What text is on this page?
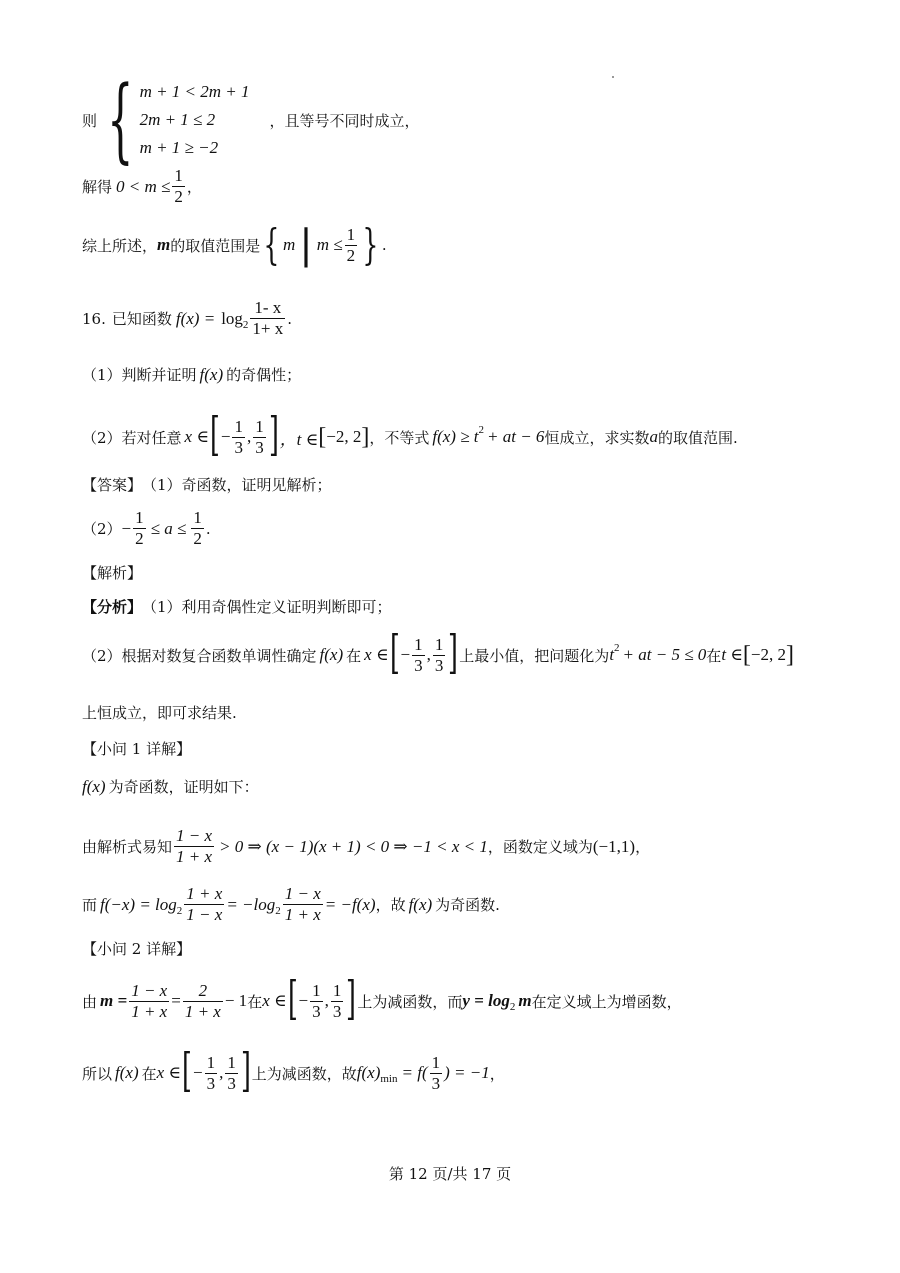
则 { m + 1 < 2m + 1
2m + 1 ≤ 2
m + 1 ≥ −2
，且等号不同时成立，
解得 $0 < m \le \frac{1}{2}$ ，
综上所述， m 的取值范围是 { m | $m \le \frac{1}{2}$ } .
16. 已知函数 $f(x) = \log 2 \frac{1- x}{1+ x}$ .
（1）判断并证明 f(x) 的奇偶性；
（2）若对任意 x ∈ [ − $\frac{1}{3}$ , $\frac{1}{3}$ ] ，t ∈ [ −2, 2 ] ，不等式 f(x) ≥ t 2 + at − 6 恒成立，求实数 a 的取值范围.
【答案】 （1）奇函数，证明见解析；
$(2) - \frac{1}{2} \le a \le \frac{1}{2}$ .
【解析】
【分析】 （1）利用奇偶性定义证明判断即可；
（2）根据对数复合函数单调性确定 f(x) 在 x ∈ [ − $\frac{1}{3}$ , $\frac{1}{3}$ ] 上最小值，把问题化为 t 2 + at − 5 ≤ 0 在 t ∈ [ −2, 2 ]
上恒成立，即可求结果.
【小问 1 详解】
f(x) 为奇函数，证明如下：
由解析式易知 $\frac{1 - x}{1 + x} > 0$ ⇒ (x − 1)(x + 1) < 0 ⇒ −1 < x < 1 ，函数定义域为 (−1,1) ，
而 $f(-x) = \log 2 \frac{1 + x}{1 - x} = -\log$ $2 \frac{1 - x}{1 + x} = -f(x)$ ，故 f(x) 为奇函数.
【小问 2 详解】
由 $m = \frac{1 - x}{1 + x} = \frac{2}{1 + x} - 1$ 在 x ∈ [ − $\frac{1}{3}$ , $\frac{1}{3}$ ] 上为减函数，而 y = log 2 m 在定义域上为增函数，
所以 f(x) 在 x ∈ [ − $\frac{1}{3}$ , $\frac{1}{3}$ ] 上为减函数，故 f(x) $\min = f( \frac{1}{3}$ ) = −1 ，
第 12 页/共 17 页
